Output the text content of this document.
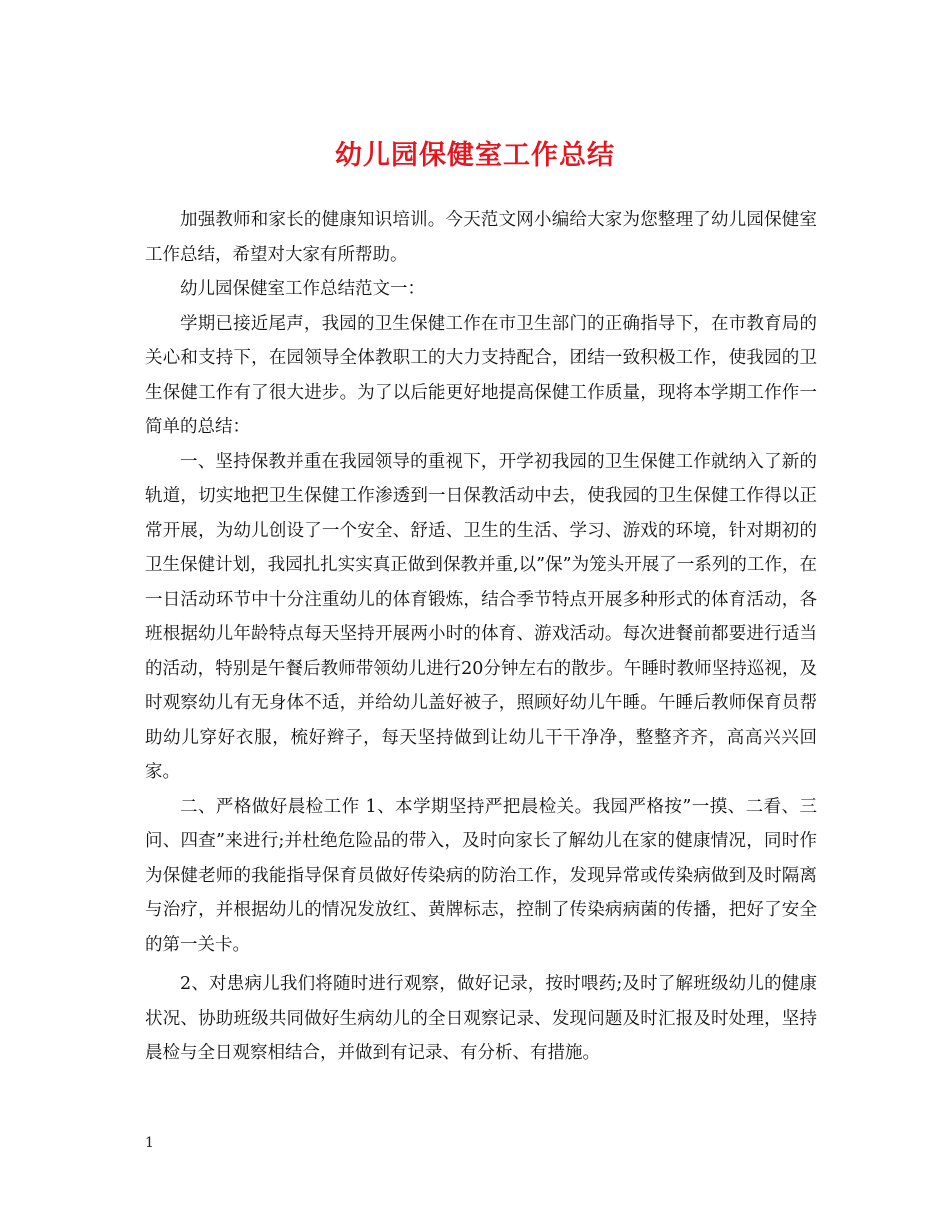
幼儿园保健室工作总结

加强教师和家长的健康知识培训。今天范文网小编给大家为您整理了幼儿园保健室工作总结，希望对大家有所帮助。

幼儿园保健室工作总结范文一：

学期已接近尾声，我园的卫生保健工作在市卫生部门的正确指导下，在市教育局的关心和支持下，在园领导全体教职工的大力支持配合，团结一致积极工作，使我园的卫生保健工作有了很大进步。为了以后能更好地提高保健工作质量，现将本学期工作作一简单的总结：

一、坚持保教并重在我园领导的重视下，开学初我园的卫生保健工作就纳入了新的轨道，切实地把卫生保健工作渗透到一日保教活动中去，使我园的卫生保健工作得以正常开展，为幼儿创设了一个安全、舒适、卫生的生活、学习、游戏的环境，针对期初的卫生保健计划，我园扎扎实实真正做到保教并重,以”保”为笼头开展了一系列的工作，在一日活动环节中十分注重幼儿的体育锻炼，结合季节特点开展多种形式的体育活动，各班根据幼儿年龄特点每天坚持开展两小时的体育、游戏活动。每次进餐前都要进行适当的活动，特别是午餐后教师带领幼儿进行20分钟左右的散步。午睡时教师坚持巡视，及时观察幼儿有无身体不适，并给幼儿盖好被子，照顾好幼儿午睡。午睡后教师保育员帮助幼儿穿好衣服，梳好辫子，每天坚持做到让幼儿干干净净，整整齐齐，高高兴兴回家。

二、严格做好晨检工作 1、本学期坚持严把晨检关。我园严格按”一摸、二看、三问、四查”来进行;并杜绝危险品的带入，及时向家长了解幼儿在家的健康情况，同时作为保健老师的我能指导保育员做好传染病的防治工作，发现异常或传染病做到及时隔离与治疗，并根据幼儿的情况发放红、黄牌标志，控制了传染病病菌的传播，把好了安全的第一关卡。

2、对患病儿我们将随时进行观察，做好记录，按时喂药;及时了解班级幼儿的健康状况、协助班级共同做好生病幼儿的全日观察记录、发现问题及时汇报及时处理，坚持晨检与全日观察相结合，并做到有记录、有分析、有措施。

1
